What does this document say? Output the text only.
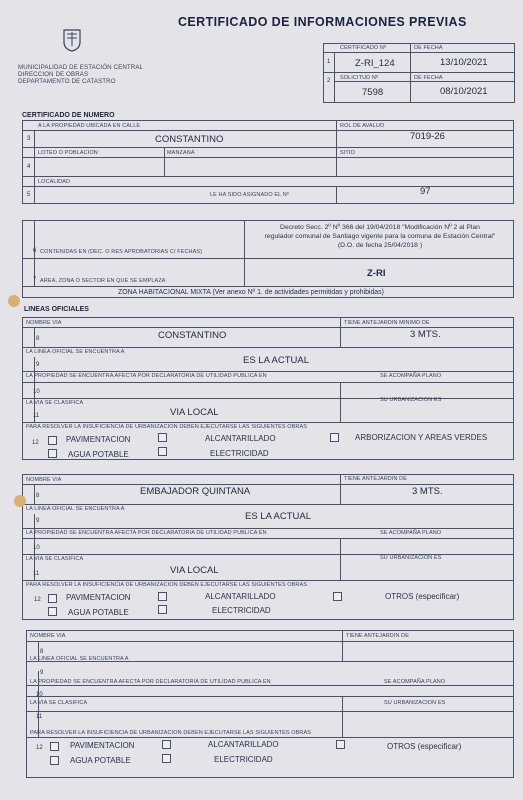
CERTIFICADO DE INFORMACIONES PREVIAS
MUNICIPALIDAD DE ESTACIÓN CENTRAL
DIRECCION DE OBRAS
DEPARTAMENTO DE CATASTRO
CERTIFICADO Nº	DE FECHA
1	Z-RI_124	13/10/2021
2 SOLICITUD Nº	DE FECHA
7598	08/10/2021
CERTIFICADO DE NUMERO
A LA PROPIEDAD UBICADA EN CALLE	ROL DE AVALUO
3	CONSTANTINO	7019-26
LOTEO O POBLACION	MANZANA	SITIO
4
LOCALIDAD
5	LE HA SIDO ASIGNADO EL Nº	97
Decreto Secc. 2º Nº 366 del 19/04/2018 "Modificación Nº 2 al Plan
regulador comunal de Santiago vigente para la comuna de Estación Central"
(D.O. de fecha 25/04/2018 )
6 CONTENIDAS EN (DEC. O RES APROBATORIAS C/ FECHAS)
7 AREA, ZONA O SECTOR EN QUE SE EMPLAZA
Z-RI
ZONA HABITACIONAL MIXTA (Ver anexo Nº 1. de actividades permitidas y prohibidas)
LINEAS OFICIALES
NOMBRE VIA	TIENE ANTEJARDIN MINIMO DE
8	CONSTANTINO	3 MTS.
LA LINEA OFICIAL SE ENCUENTRA A
9	ES LA ACTUAL
LA PROPIEDAD SE ENCUENTRA AFECTA POR DECLARATORIA DE UTILIDAD PUBLICA EN	SE ACOMPAÑA PLANO
10
LA VIA SE CLASIFICA	SU URBANIZACION ES
11	VIA LOCAL
PARA RESOLVER LA INSUFICIENCIA DE URBANIZACION DEBEN EJECUTARSE LAS SIGUIENTES OBRAS
12	PAVIMENTACION	ALCANTARILLADO	ARBORIZACION Y AREAS VERDES
AGUA POTABLE	ELECTRICIDAD
NOMBRE VIA	TIENE ANTEJARDIN DE
8	EMBAJADOR QUINTANA	3 MTS.
LA LINEA OFICIAL SE ENCUENTRA A
9	ES LA ACTUAL
LA PROPIEDAD SE ENCUENTRA AFECTA POR DECLARATORIA DE UTILIDAD PUBLICA EN	SE ACOMPAÑA PLANO
10
LA VIA SE CLASIFICA	SU URBANIZACION ES
11	VIA LOCAL
PARA RESOLVER LA INSUFICIENCIA DE URBANIZACION DEBEN EJECUTARSE LAS SIGUIENTES OBRAS
12	PAVIMENTACION	ALCANTARILLADO	OTROS (especificar)
AGUA POTABLE	ELECTRICIDAD
NOMBRE VIA	TIENE ANTEJARDIN DE
8
LA LINEA OFICIAL SE ENCUENTRA A
9
LA PROPIEDAD SE ENCUENTRA AFECTA POR DECLARATORIA DE UTILIDAD PUBLICA EN	SE ACOMPAÑA PLANO
10
LA VIA SE CLASIFICA	SU URBANIZACION ES
11
PARA RESOLVER LA INSUFICIENCIA DE URBANIZACION DEBEN EJECUTARSE LAS SIGUIENTES OBRAS
12	PAVIMENTACION	ALCANTARILLADO	OTROS (especificar)
AGUA POTABLE	ELECTRICIDAD
